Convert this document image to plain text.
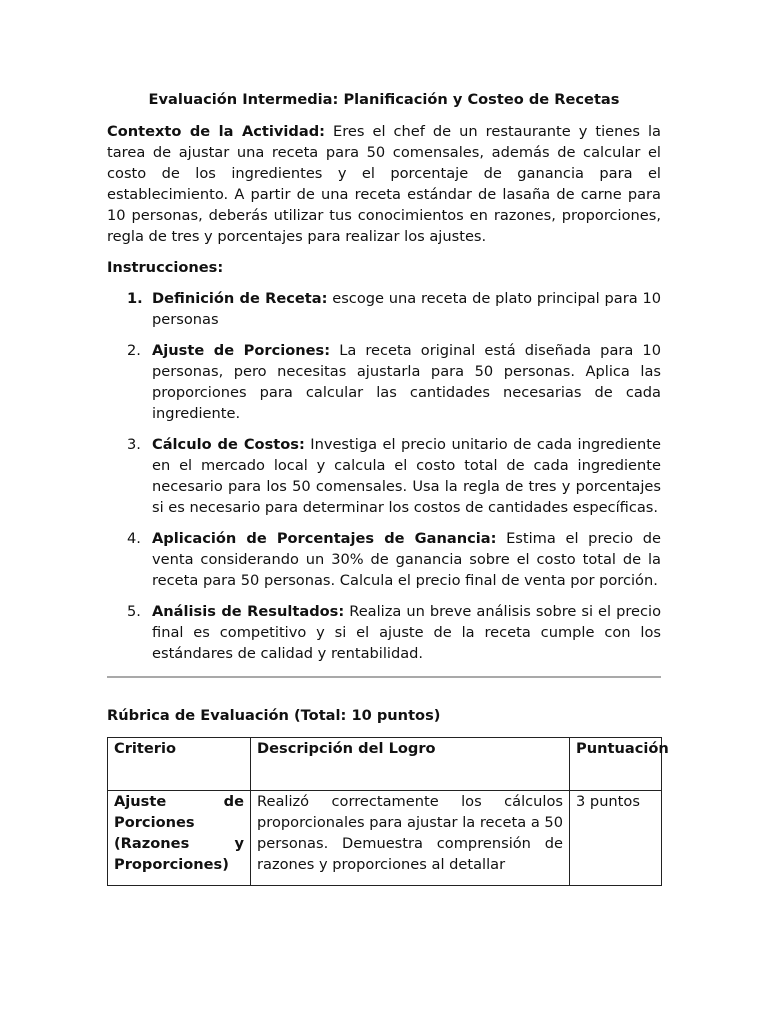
Evaluación Intermedia: Planificación y Costeo de Recetas

Contexto de la Actividad: Eres el chef de un restaurante y tienes la tarea de ajustar una receta para 50 comensales, además de calcular el costo de los ingredientes y el porcentaje de ganancia para el establecimiento. A partir de una receta estándar de lasaña de carne para 10 personas, deberás utilizar tus conocimientos en razones, proporciones, regla de tres y porcentajes para realizar los ajustes.

Instrucciones:
1. Definición de Receta: escoge una receta de plato principal para 10 personas
2. Ajuste de Porciones: La receta original está diseñada para 10 personas, pero necesitas ajustarla para 50 personas. Aplica las proporciones para calcular las cantidades necesarias de cada ingrediente.
3. Cálculo de Costos: Investiga el precio unitario de cada ingrediente en el mercado local y calcula el costo total de cada ingrediente necesario para los 50 comensales. Usa la regla de tres y porcentajes si es necesario para determinar los costos de cantidades específicas.
4. Aplicación de Porcentajes de Ganancia: Estima el precio de venta considerando un 30% de ganancia sobre el costo total de la receta para 50 personas. Calcula el precio final de venta por porción.
5. Análisis de Resultados: Realiza un breve análisis sobre si el precio final es competitivo y si el ajuste de la receta cumple con los estándares de calidad y rentabilidad.
Rúbrica de Evaluación (Total: 10 puntos)
Criterio	Descripción del Logro	Puntuación
Ajuste de Porciones (Razones y Proporciones)	Realizó correctamente los cálculos proporcionales para ajustar la receta a 50 personas. Demuestra comprensión de razones y proporciones al detallar	3 puntos
